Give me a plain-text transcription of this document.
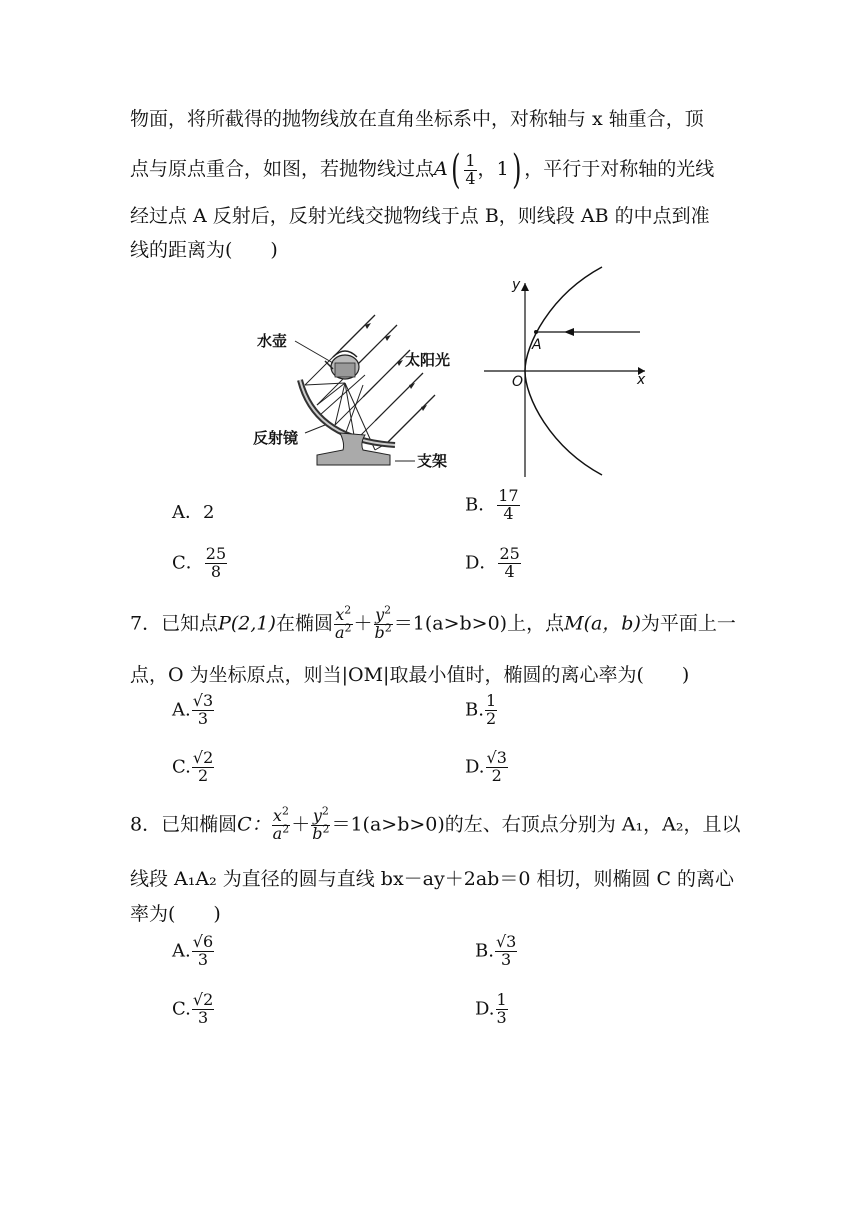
物面，将所截得的抛物线放在直角坐标系中，对称轴与 x 轴重合，顶
点与原点重合，如图，若抛物线过点$A( \frac{1}{4}$ ，1) ，平行于对称轴的光线
经过点 A 反射后，反射光线交抛物线于点 B，则线段 AB 的中点到准
线的距离为(　　)
水壶
太阳光
反射镜
支架
A
O
y
x
A．2	B． $\frac{17}{4}$
C． $\frac{25}{8}$	D． $\frac{25}{4}$
7．已知点P(2,1)在椭圆 $\frac{x^2}{a^2} + \frac{y^2}{b^2} =1(a>b>0)$上，点M(a，b)为平面上一
点，O 为坐标原点，则当|OM|取最小值时，椭圆的离心率为(　　)
A. $\frac{√3}{3}$	B. $\frac{1}{2}$
C. $\frac{√2}{2}$	D. $\frac{√3}{2}$
8．已知椭圆C： $\frac{x^2}{a^2} + \frac{y^2}{b^2} =1(a>b>0)$的左、右顶点分别为 A₁，A₂，且以
线段 A₁A₂ 为直径的圆与直线 bx－ay＋2ab＝0 相切，则椭圆 C 的离心
率为(　　)
A. $\frac{√6}{3}$	B. $\frac{√3}{3}$
C. $\frac{√2}{3}$	D. $\frac{1}{3}$
